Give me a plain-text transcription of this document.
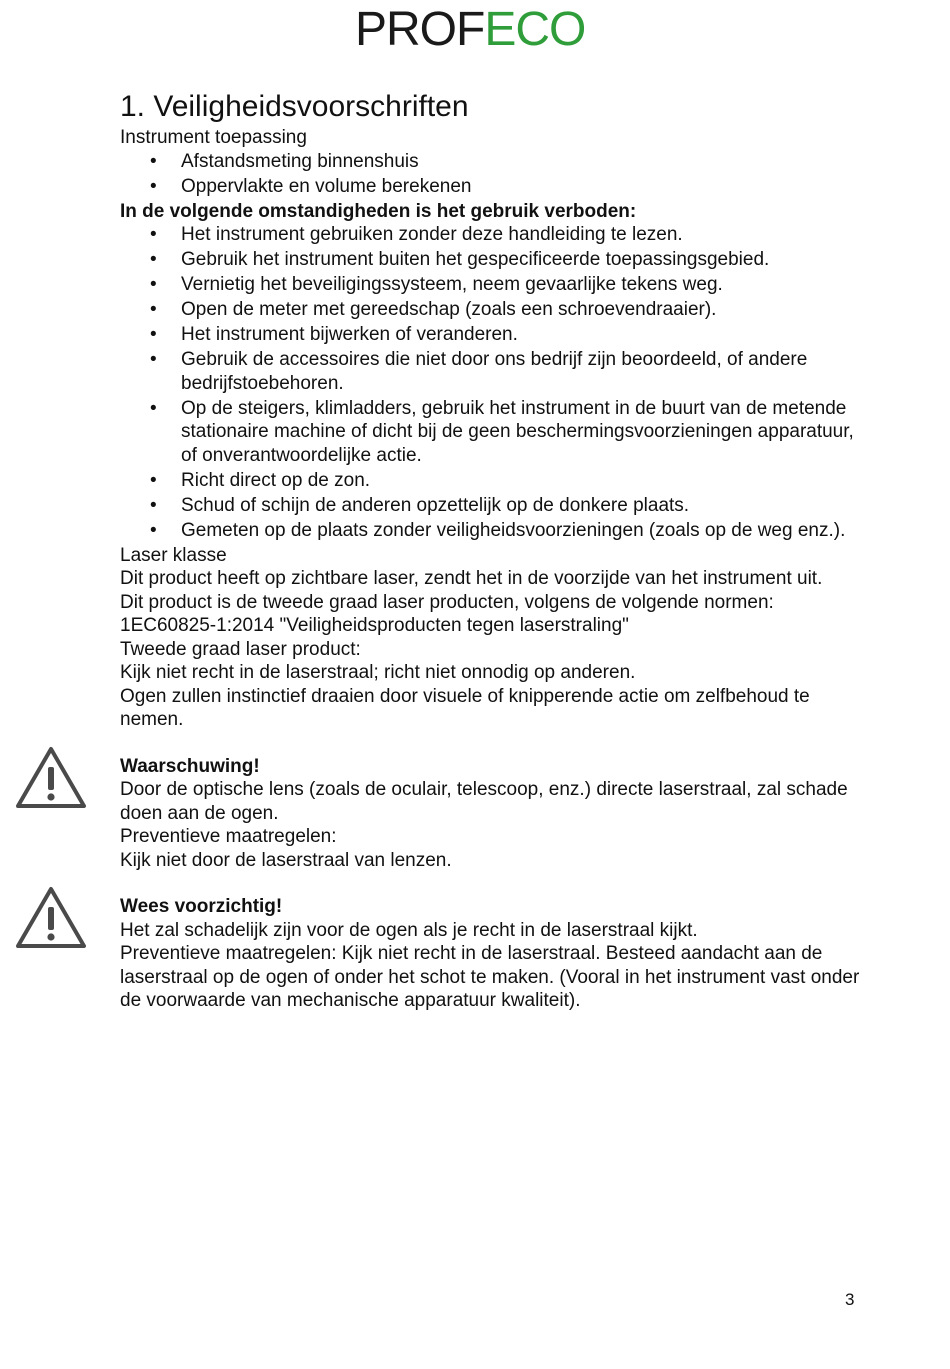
PROF ECO
1. Veiligheidsvoorschriften

Instrument toepassing

• Afstandsmeting binnenshuis
• Oppervlakte en volume berekenen

In de volgende omstandigheden is het gebruik verboden:

• Het instrument gebruiken zonder deze handleiding te lezen.
• Gebruik het instrument buiten het gespecificeerde toepassingsgebied.
• Vernietig het beveiligingssysteem, neem gevaarlijke tekens weg.
• Open de meter met gereedschap (zoals een schroevendraaier).
• Het instrument bijwerken of veranderen.
• Gebruik de accessoires die niet door ons bedrijf zijn beoordeeld, of andere bedrijfstoebehoren.
• Op de steigers, klimladders, gebruik het instrument in de buurt van de metende stationaire machine of dicht bij de geen beschermingsvoorzieningen apparatuur, of onverantwoordelijke actie.
• Richt direct op de zon.
• Schud of schijn de anderen opzettelijk op de donkere plaats.
• Gemeten op de plaats zonder veiligheidsvoorzieningen (zoals op de weg enz.).

Laser klasse

Dit product heeft op zichtbare laser, zendt het in de voorzijde van het instrument uit.

Dit product is de tweede graad laser producten, volgens de volgende normen:

1EC60825-1:2014 "Veiligheidsproducten tegen laserstraling"

Tweede graad laser product:

Kijk niet recht in de laserstraal; richt niet onnodig op anderen.

Ogen zullen instinctief draaien door visuele of knipperende actie om zelfbehoud te nemen.

Waarschuwing!

Door de optische lens (zoals de oculair, telescoop, enz.) directe laserstraal, zal schade doen aan de ogen.

Preventieve maatregelen:

Kijk niet door de laserstraal van lenzen.

Wees voorzichtig!

Het zal schadelijk zijn voor de ogen als je recht in de laserstraal kijkt.

Preventieve maatregelen: Kijk niet recht in de laserstraal. Besteed aandacht aan de laserstraal op de ogen of onder het schot te maken. (Vooral in het instrument vast onder de voorwaarde van mechanische apparatuur kwaliteit).

3
